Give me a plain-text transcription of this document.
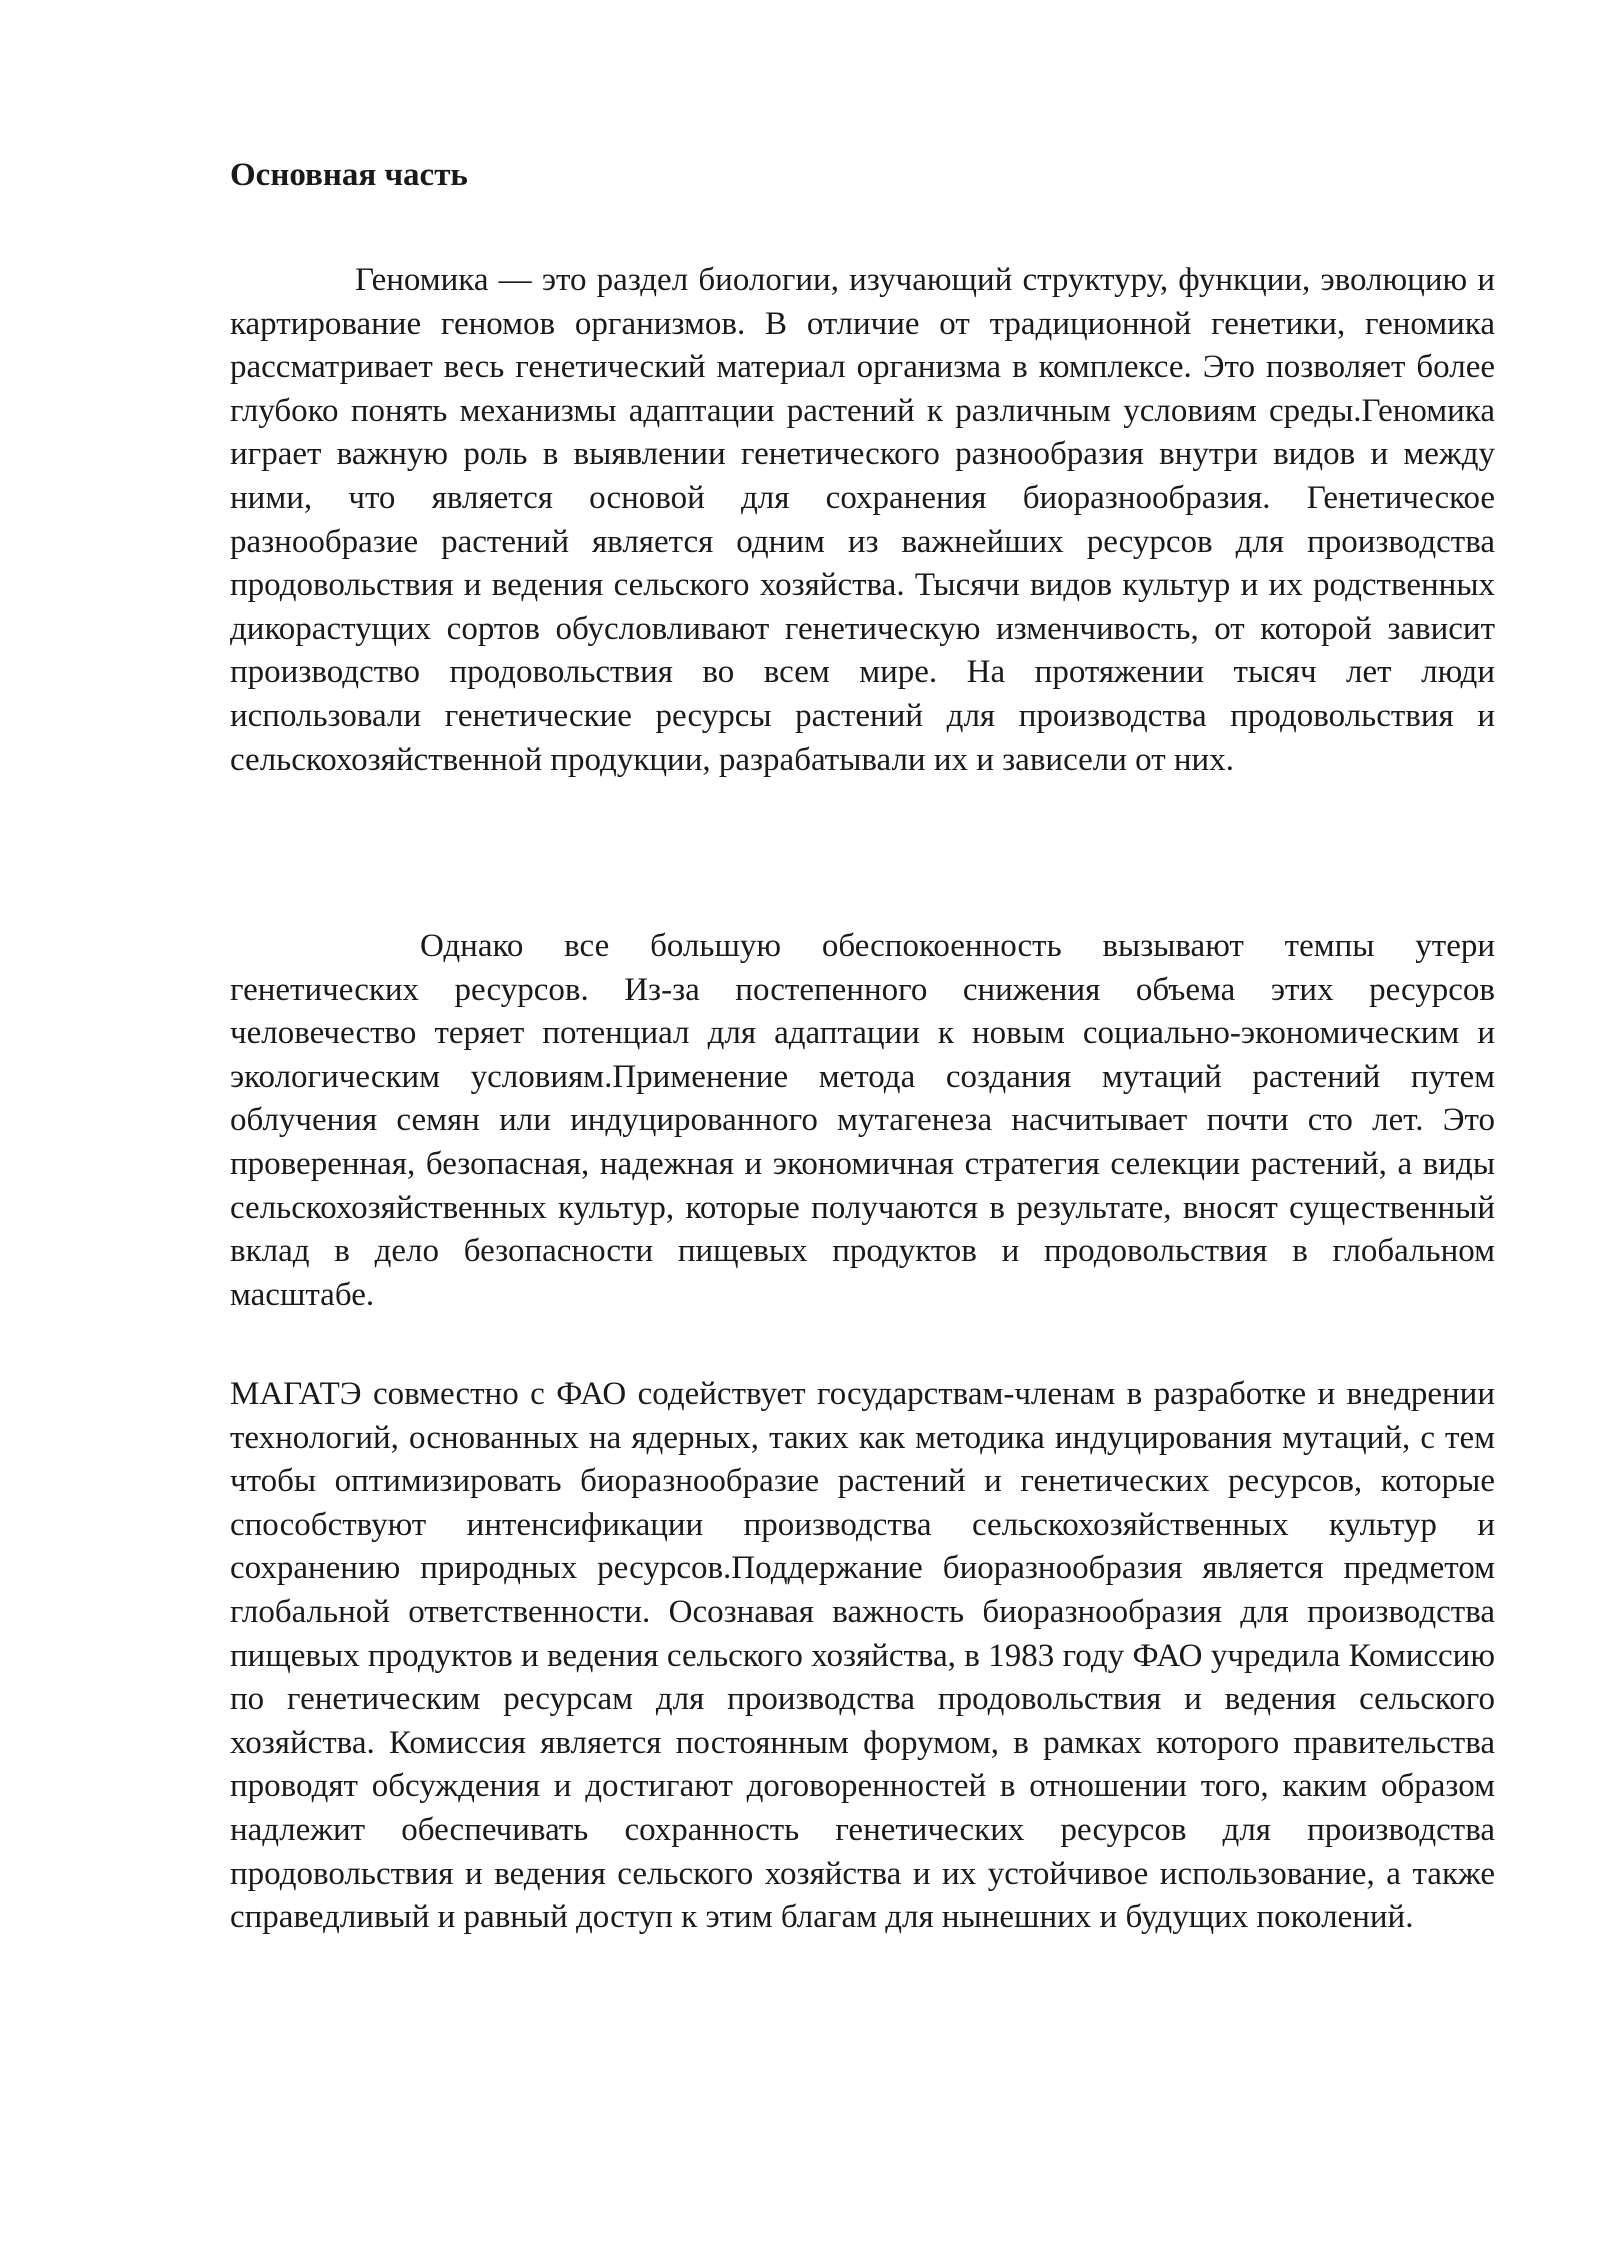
Основная часть

Геномика — это раздел биологии, изучающий структуру, функции, эволюцию и картирование геномов организмов. В отличие от традиционной генетики, геномика рассматривает весь генетический материал организма в комплексе. Это позволяет более глубоко понять механизмы адаптации растений к различным условиям среды.Геномика играет важную роль в выявлении генетического разнообразия внутри видов и между ними, что является основой для сохранения биоразнообразия. Генетическое разнообразие растений является одним из важнейших ресурсов для производства продовольствия и ведения сельского хозяйства. Тысячи видов культур и их родственных дикорастущих сортов обусловливают генетическую изменчивость, от которой зависит производство продовольствия во всем мире. На протяжении тысяч лет люди использовали генетические ресурсы растений для производства продовольствия и сельскохозяйственной продукции, разрабатывали их и зависели от них.

Однако все большую обеспокоенность вызывают темпы утери генетических ресурсов. Из-за постепенного снижения объема этих ресурсов человечество теряет потенциал для адаптации к новым социально-экономическим и экологическим условиям.Применение метода создания мутаций растений путем облучения семян или индуцированного мутагенеза насчитывает почти сто лет. Это проверенная, безопасная, надежная и экономичная стратегия селекции растений, а виды сельскохозяйственных культур, которые получаются в результате, вносят существенный вклад в дело безопасности пищевых продуктов и продовольствия в глобальном масштабе.

МАГАТЭ совместно с ФАО содействует государствам-членам в разработке и внедрении технологий, основанных на ядерных, таких как методика индуцирования мутаций, с тем чтобы оптимизировать биоразнообразие растений и генетических ресурсов, которые способствуют интенсификации производства сельскохозяйственных культур и сохранению природных ресурсов.Поддержание биоразнообразия является предметом глобальной ответственности. Осознавая важность биоразнообразия для производства пищевых продуктов и ведения сельского хозяйства, в 1983 году ФАО учредила Комиссию по генетическим ресурсам для производства продовольствия и ведения сельского хозяйства. Комиссия является постоянным форумом, в рамках которого правительства проводят обсуждения и достигают договоренностей в отношении того, каким образом надлежит обеспечивать сохранность генетических ресурсов для производства продовольствия и ведения сельского хозяйства и их устойчивое использование, а также справедливый и равный доступ к этим благам для нынешних и будущих поколений.
